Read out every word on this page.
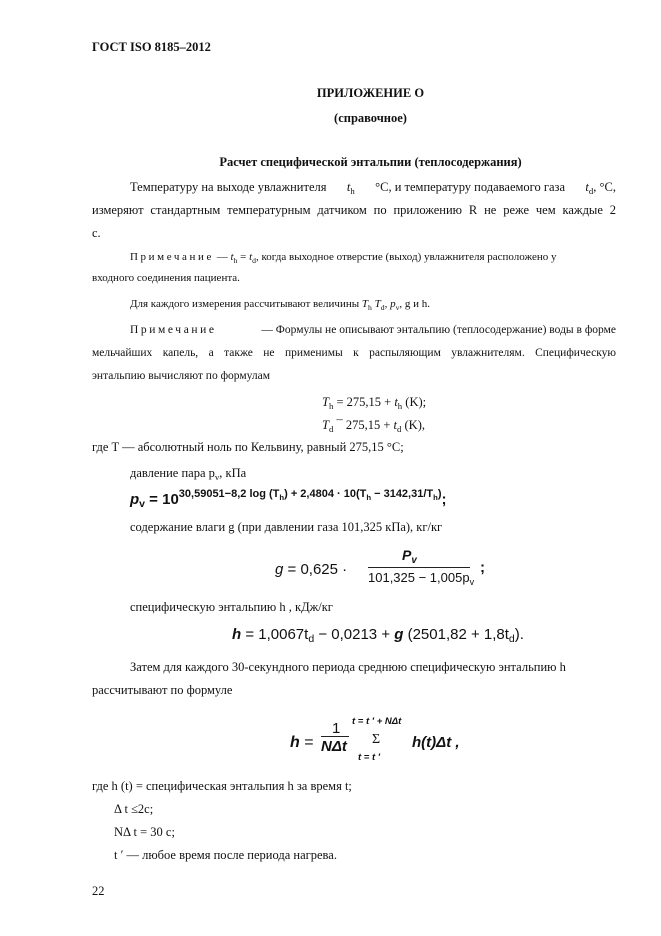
ГОСТ ISO 8185–2012
ПРИЛОЖЕНИЕ О
(справочное)
Расчет специфической энтальпии (теплосодержания)
Температуру на выходе увлажнителя $t_h$ °С, и температуру подаваемого газа $t_d$, °С,
измеряют стандартным температурным датчиком по приложению R не реже чем каждые 2
с.
Примечание — $t_h = t_d$, когда выходное отверстие (выход) увлажнителя расположено у
входного соединения пациента.
Для каждого измерения рассчитывают величины $T_h$ $T_d$, $p_v$, g и h.
Примечание	— Формулы не описывают энтальпию (теплосодержание) воды в форме
мельчайших капель, а также не применимы к распыляющим увлажнителям. Специфическую
энтальпию вычисляют по формулам
$T_h = 275,15 + t_h$ (K);
$T_d$ ¯ $275,15 + t_d$ (K),
где T — абсолютный ноль по Кельвину, равный 275,15 °С;
давление пара $p_v$, кПа
$p_v = 10^{30,59051-8,2 log (T_h) + 2,4804 \cdot 10(T_h - 3142,31/T_h)}$;
содержание влаги g (при давлении газа 101,325 кПа), кг/кг
g = 0,625 ·
$P_v$
$101,325 - 1,005p_v$
;
специфическую энтальпию h , кДж/кг
$h = 1,0067t_d - 0,0213 + g$ $(2501,82 + 1,8t_d)$.
Затем для каждого 30-секундного периода среднюю специфическую энтальпию h
рассчитывают по формуле
h =
1
NΔt
t = t ′ + NΔt
Σ
t = t ′
h(t)Δt ,
где h (t) = специфическая энтальпия h за время t;
Δ t ≤2c;
NΔ t = 30 с;
t ′ — любое время после периода нагрева.
22
